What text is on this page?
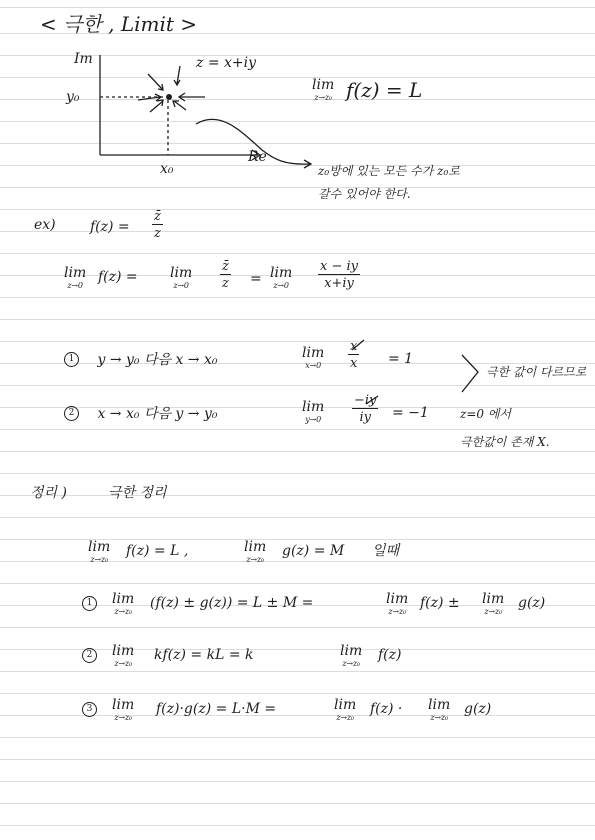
< 극한 , Limit >
Im
y₀
x₀
Re
z = x+iy
lim
z→z₀ f(z) = L
z₀방에 있는 모든 수가 z₀로
갈수 있어야 한다.
ex) $f(z) = \frac{z̄}{z}$
lim
z→0
f(z) = lim
$z\to 0 \frac{z̄}{z} = \lim$
$z\to 0 \frac{x - iy}{x+iy}$
1 y → y₀ 다음 x → x₀	lim
$x\to 0 \frac{x}{x} = 1$
2 x → x₀ 다음 y → y₀	lim
$y\to 0 \frac{-iy}{iy} = -1$
극한 값이 다르므로
z=0 에서
극한값이 존재 X.
정리 )	극한 정리
lim
z→z₀
f(z) = L ,	lim
z→z₀
g(z) = M 일때
1	lim
z→z₀
(f(z) ± g(z)) = L ± M =	lim
z→z₀
f(z) ± lim
z→z₀
g(z)
2	lim
z→z₀
kf(z) = kL = k	lim
z→z₀
f(z)
3	lim
z→z₀
f(z)·g(z) = L·M =	lim
z→z₀
f(z) · lim
z→z₀
g(z)
